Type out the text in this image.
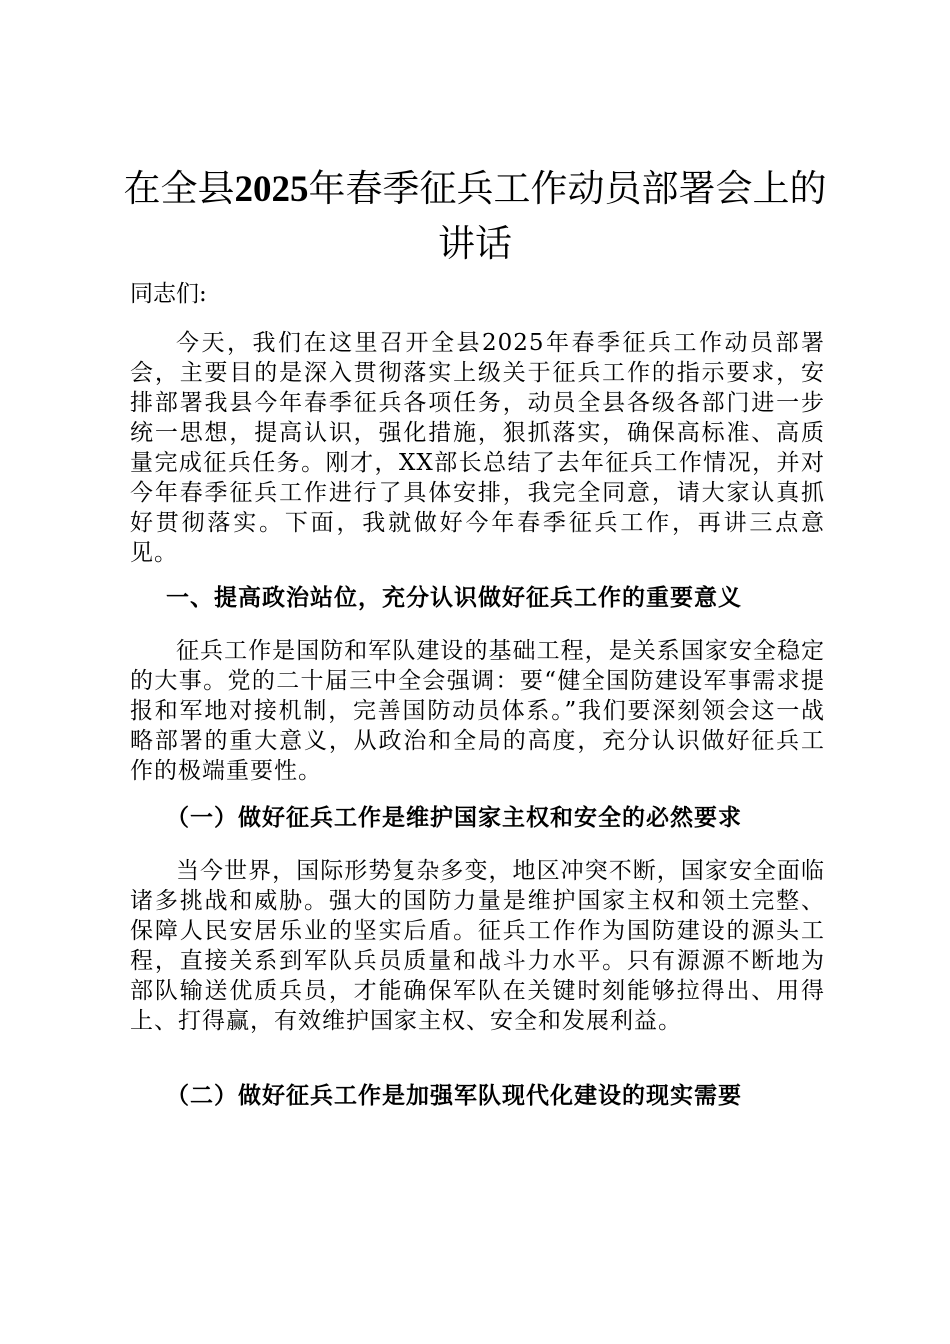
在全县2025年春季征兵工作动员部署会上的讲话

同志们:

今天，我们在这里召开全县2025年春季征兵工作动员部署会，主要目的是深入贯彻落实上级关于征兵工作的指示要求，安排部署我县今年春季征兵各项任务，动员全县各级各部门进一步统一思想，提高认识，强化措施，狠抓落实，确保高标准、高质量完成征兵任务。刚才，XX部长总结了去年征兵工作情况，并对今年春季征兵工作进行了具体安排，我完全同意，请大家认真抓好贯彻落实。下面，我就做好今年春季征兵工作，再讲三点意见。

一、提高政治站位，充分认识做好征兵工作的重要意义

征兵工作是国防和军队建设的基础工程，是关系国家安全稳定的大事。党的二十届三中全会强调：要“健全国防建设军事需求提报和军地对接机制，完善国防动员体系。”我们要深刻领会这一战略部署的重大意义，从政治和全局的高度，充分认识做好征兵工作的极端重要性。

（一）做好征兵工作是维护国家主权和安全的必然要求

当今世界，国际形势复杂多变，地区冲突不断，国家安全面临诸多挑战和威胁。强大的国防力量是维护国家主权和领土完整、保障人民安居乐业的坚实后盾。征兵工作作为国防建设的源头工程，直接关系到军队兵员质量和战斗力水平。只有源源不断地为部队输送优质兵员，才能确保军队在关键时刻能够拉得出、用得上、打得赢，有效维护国家主权、安全和发展利益。

（二）做好征兵工作是加强军队现代化建设的现实需要
